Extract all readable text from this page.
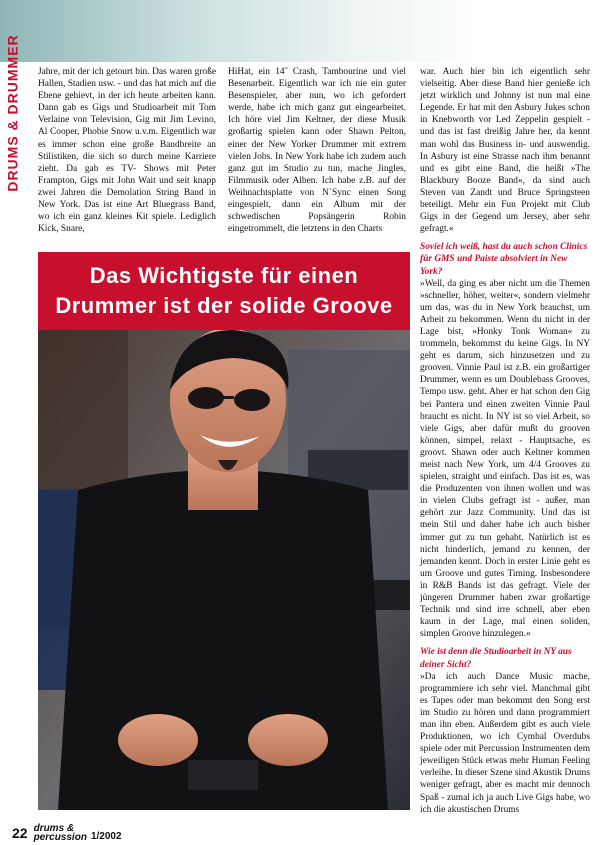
DRUMS & DRUMMER Jahre, mit der ich getourt bin. Das waren große Hallen, Stadien usw. - und das hat mich auf die Ebene gehievt, in der ich heute arbeiten kann. Dann gab es Gigs und Studioarbeit mit Tom Verlaine von Television, Gig mit Jim Levino, Al Cooper, Phobie Snow u.v.m. Eigentlich war es immer schon eine große Bandbreite an Stilistiken, die sich so durch meine Karriere zieht. Da gab es TV- Shows mit Peter Frampton, Gigs mit John Wait und seit knapp zwei Jahren die Demolation String Band in New York. Das ist eine Art Bluegrass Band, wo ich ein ganz kleines Kit spiele. Lediglich Kick, Snare,

HiHat, ein 14˝ Crash, Tambourine und viel Besenarbeit. Eigentlich war ich nie ein guter Besenspieler, aber nun, wo ich gefordert werde, habe ich mich ganz gut eingearbeitet. Ich höre viel Jim Keltner, der diese Musik großartig spielen kann oder Shawn Pelton, einer der New Yorker Drummer mit extrem vielen Jobs. In New York habe ich zudem auch ganz gut im Studio zu tun, mache Jingles, Filmmusik oder Alben. Ich habe z.B. auf der Weihnachtsplatte von N´Sync einen Song eingespielt, dann ein Album mit der schwedischen Popsängerin Robin eingetrommelt, die letztens in den Charts

war. Auch hier bin ich eigentlich sehr vielseitig. Aber diese Band hier genieße ich jetzt wirklich und Johnny ist nun mal eine Legende. Er hat mit den Asbury Jukes schon in Knebworth vor Led Zeppelin gespielt - und das ist fast dreißig Jahre her, da kennt man wohl das Business in- und auswendig. In Asbury ist eine Strasse nach ihm benannt und es gibt eine Band, die heißt »The Blackbury Booze Band«, da sind auch Steven van Zandt und Bruce Springsteen beteiligt. Mehr ein Fun Projekt mit Club Gigs in der Gegend um Jersey, aber sehr gefragt.«

Soviel ich weiß, hast du auch schon Clinics für GMS und Paiste absolviert in New York?

»Well, da ging es aber nicht um die Themen »schneller, höher, weiter«, sondern vielmehr um das, was du in New York brauchst, um Arbeit zu bekommen. Wenn du nicht in der Lage bist, »Honky Tonk Woman« zu trommeln, bekommst du keine Gigs. In NY geht es darum, sich hinzusetzen und zu grooven. Vinnie Paul ist z.B. ein großartiger Drummer, wenn es um Doublebass Grooves, Tempo usw. geht. Aber er hat schon den Gig bei Pantera und einen zweiten Vinnie Paul braucht es nicht. In NY ist so viel Arbeit, so viele Gigs, aber dafür mußt du grooven können, simpel, relaxt - Hauptsache, es groovt. Shawn oder auch Keltner kommen meist nach New York, um 4/4 Grooves zu spielen, straight und einfach. Das ist es, was die Produzenten von ihnen wollen und was in vielen Clubs gefragt ist - außer, man gehört zur Jazz Community. Und das ist mein Stil und daher habe ich auch bisher immer gut zu tun gehabt. Natürlich ist es nicht hinderlich, jemand zu kennen, der jemanden kennt. Doch in erster Linie geht es um Groove und gutes Timing. Insbesondere in R&B Bands ist das gefragt. Viele der jüngeren Drummer haben zwar großartige Technik und sind irre schnell, aber eben kaum in der Lage, mal einen soliden, simplen Groove hinzulegen.«

Wie ist denn die Studioarbeit in NY aus deiner Sicht?

»Da ich auch Dance Music mache, programmiere ich sehr viel. Manchmal gibt es Tapes oder man bekommt den Song erst im Studio zu hören und dann programmiert man ihn eben. Außerdem gibt es auch viele Produktionen, wo ich Cymbal Overdubs spiele oder mit Percussion Instrumenten dem jeweiligen Stück etwas mehr Human Feeling verleihe. In dieser Szene sind Akustik Drums weniger gefragt, aber es macht mir dennoch Spaß - zumal ich ja auch Live Gigs habe, wo ich die akustischen Drums

Das Wichtigste für einen
Drummer ist der solide Groove
22 drums &
percussion 1/2002
